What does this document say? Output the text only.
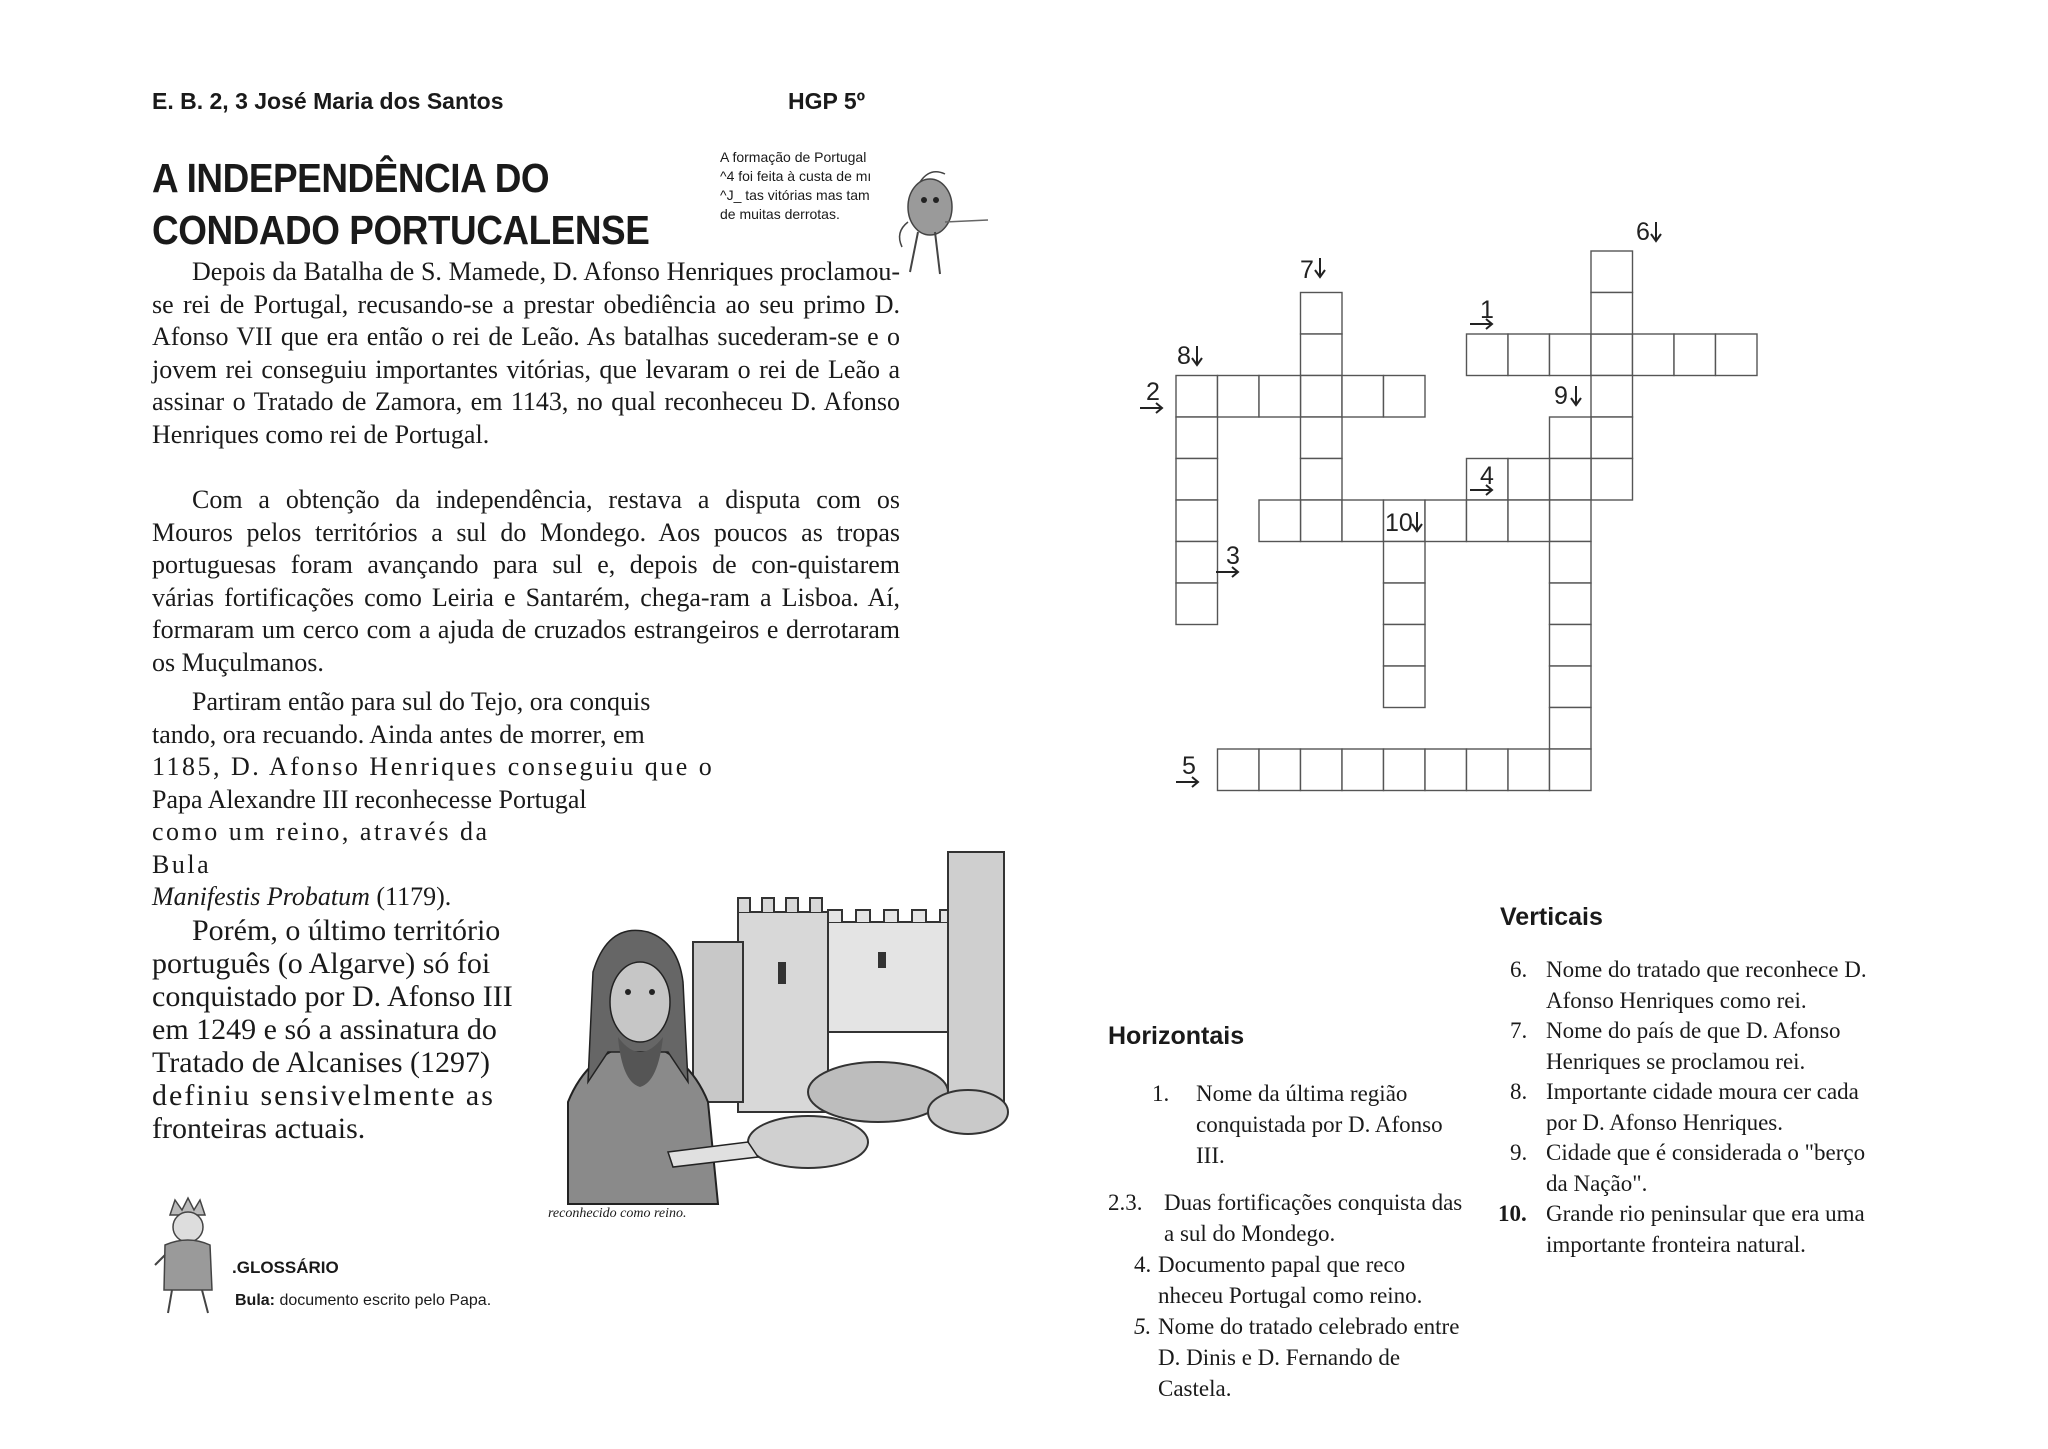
E. B. 2, 3 José Maria dos Santos	HGP 5º
A INDEPENDÊNCIA DO
CONDADO PORTUCALENSE
A formação de Portugal
^4 foi feita à custa de mı
^J_ tas vitórias mas tam
de muitas derrotas.
Depois da Batalha de S. Mamede, D. Afonso Henriques proclamou-se rei de Portugal, recusando-se a prestar obediência ao seu primo D. Afonso VII que era então o rei de Leão. As batalhas sucederam-se e o jovem rei conseguiu importantes vitórias, que levaram o rei de Leão a assinar o Tratado de Zamora, em 1143, no qual reconheceu D. Afonso Henriques como rei de Portugal.
Com a obtenção da independência, restava a disputa com os Mouros pelos territórios a sul do Mondego. Aos poucos as tropas portuguesas foram avançando para sul e, depois de con-quistarem várias fortificações como Leiria e Santarém, chega-ram a Lisboa. Aí, formaram um cerco com a ajuda de cruzados estrangeiros e derrotaram os Muçulmanos.
Partiram então para sul do Tejo, ora conquis
tando, ora recuando. Ainda antes de morrer, em
1185, D. Afonso Henriques conseguiu que o
Papa Alexandre III reconhecesse Portugal
como um reino, através da
Bula
Manifestis Probatum (1179).
Porém, o último território
português (o Algarve) só foi
conquistado por D. Afonso III
em 1249 e só a assinatura do
Tratado de Alcanises (1297)
definiu sensivelmente as
fronteiras actuais.
reconhecido como reino.
.GLOSSÁRIO
Bula: documento escrito pelo Papa.
7
6
1
8
2	9
4
10
3
5
Horizontais
1. Nome da última região conquistada por D. Afonso III.
2.3. Duas fortificações conquista das a sul do Mondego.
4. Documento papal que reco nheceu Portugal como reino.
5. Nome do tratado celebrado entre D. Dinis e D. Fernando de Castela.
Verticais
6. Nome do tratado que reconhece D. Afonso Henriques como rei.
7. Nome do país de que D. Afonso Henriques se proclamou rei.
8. Importante cidade moura cer cada por D. Afonso Henriques.
9. Cidade que é considerada o "berço da Nação".
10. Grande rio peninsular que era uma importante fronteira natural.
